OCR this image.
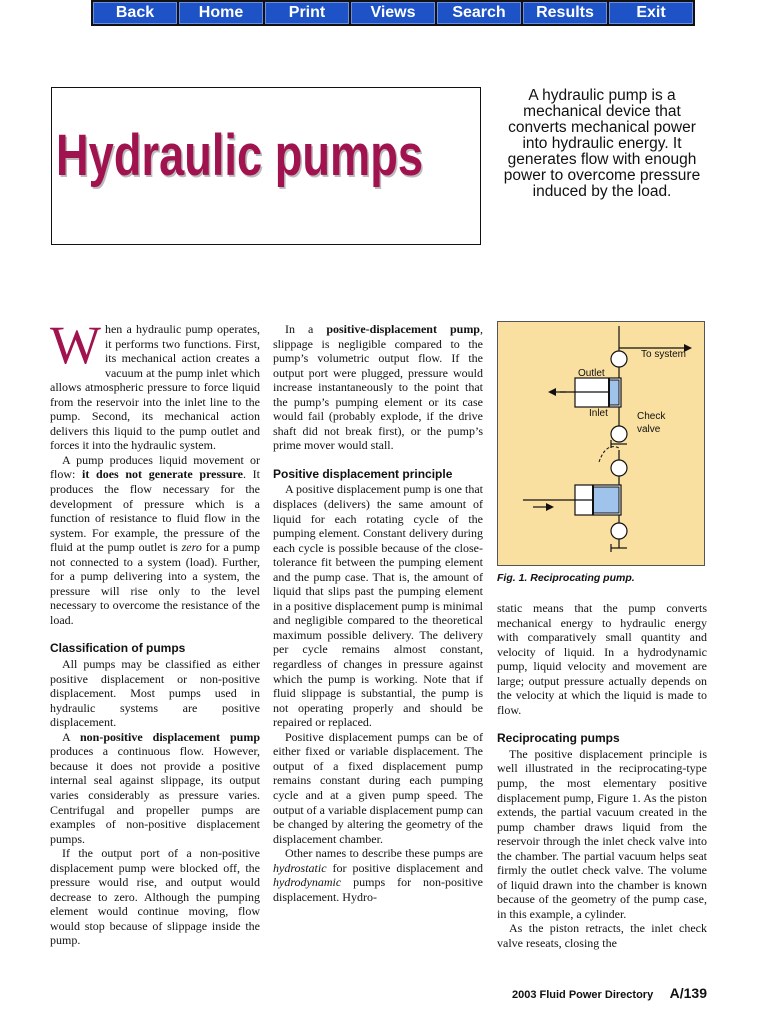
Back	Home	Print	Views	Search	Results	Exit
Hydraulic pumps
A hydraulic pump is a mechanical device that converts mechanical power into hydraulic energy. It generates flow with enough power to overcome pressure induced by the load.

When a hydraulic pump operates, it performs two functions. First, its mechanical action creates a vacuum at the pump inlet which allows atmospheric pressure to force liquid from the reservoir into the inlet line to the pump. Second, its mechanical action delivers this liquid to the pump outlet and forces it into the hydraulic system.

A pump produces liquid movement or flow: it does not generate pressure. It produces the flow necessary for the development of pressure which is a function of resistance to fluid flow in the system. For example, the pressure of the fluid at the pump outlet is zero for a pump not connected to a system (load). Further, for a pump delivering into a system, the pressure will rise only to the level necessary to overcome the resistance of the load.

Classification of pumps

All pumps may be classified as either positive displacement or non-positive displacement. Most pumps used in hydraulic systems are positive displacement.

A non-positive displacement pump produces a continuous flow. However, because it does not provide a positive internal seal against slippage, its output varies considerably as pressure varies. Centrifugal and propeller pumps are examples of non-positive displacement pumps.

If the output port of a non-positive displacement pump were blocked off, the pressure would rise, and output would decrease to zero. Although the pumping element would continue moving, flow would stop because of slippage inside the pump.

In a positive-displacement pump, slippage is negligible compared to the pump’s volumetric output flow. If the output port were plugged, pressure would increase instantaneously to the point that the pump’s pumping element or its case would fail (probably explode, if the drive shaft did not break first), or the pump’s prime mover would stall.

Positive displacement principle

A positive displacement pump is one that displaces (delivers) the same amount of liquid for each rotating cycle of the pumping element. Constant delivery during each cycle is possible because of the close-tolerance fit between the pumping element and the pump case. That is, the amount of liquid that slips past the pumping element in a positive displacement pump is minimal and negligible compared to the theoretical maximum possible delivery. The delivery per cycle remains almost constant, regardless of changes in pressure against which the pump is working. Note that if fluid slippage is substantial, the pump is not operating properly and should be repaired or replaced.

Positive displacement pumps can be of either fixed or variable displacement. The output of a fixed displacement pump remains constant during each pumping cycle and at a given pump speed. The output of a variable displacement pump can be changed by altering the geometry of the displacement chamber.

Other names to describe these pumps are hydrostatic for positive displacement and hydrodynamic pumps for non-positive displacement. Hydro-

To system
Outlet
Inlet	Check
valve
Fig. 1. Reciprocating pump.

static means that the pump converts mechanical energy to hydraulic energy with comparatively small quantity and velocity of liquid. In a hydrodynamic pump, liquid velocity and movement are large; output pressure actually depends on the velocity at which the liquid is made to flow.

Reciprocating pumps

The positive displacement principle is well illustrated in the reciprocating-type pump, the most elementary positive displacement pump, Figure 1. As the piston extends, the partial vacuum created in the pump chamber draws liquid from the reservoir through the inlet check valve into the chamber. The partial vacuum helps seat firmly the outlet check valve. The volume of liquid drawn into the chamber is known because of the geometry of the pump case, in this example, a cylinder.

As the piston retracts, the inlet check valve reseats, closing the

2003 Fluid Power Directory A/139
